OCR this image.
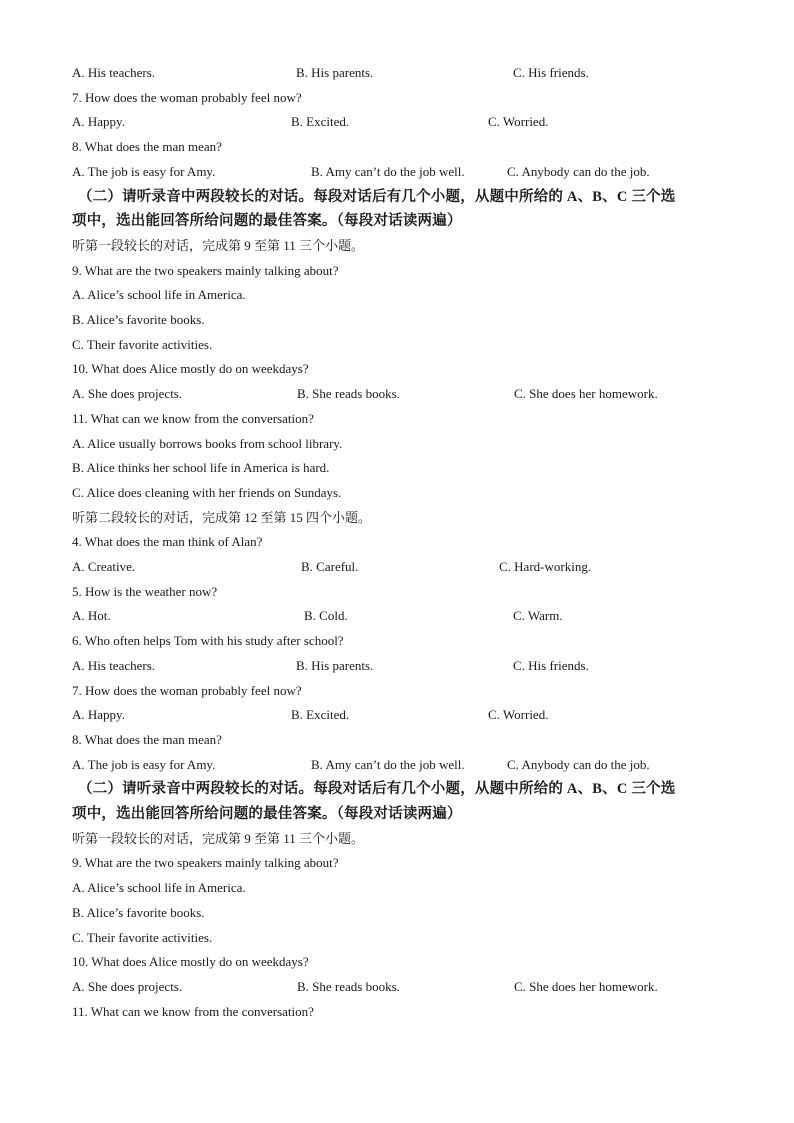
A. His teachers.	B. His parents.	C. His friends.
7. How does the woman probably feel now?
A. Happy.	B. Excited.	C. Worried.
8. What does the man mean?
A. The job is easy for Amy.	B. Amy can’t do the job well.	C. Anybody can do the job.
（二）请听录音中两段较长的对话。每段对话后有几个小题，从题中所给的 A、B、C 三个选
项中，选出能回答所给问题的最佳答案。（每段对话读两遍）
听第一段较长的对话，完成第 9 至第 11 三个小题。
9. What are the two speakers mainly talking about?
A. Alice’s school life in America.
B. Alice’s favorite books.
C. Their favorite activities.
10. What does Alice mostly do on weekdays?
A. She does projects.	B. She reads books.	C. She does her homework.
11. What can we know from the conversation?
A. Alice usually borrows books from school library.
B. Alice thinks her school life in America is hard.
C. Alice does cleaning with her friends on Sundays.
听第二段较长的对话，完成第 12 至第 15 四个小题。
4. What does the man think of Alan?
A. Creative.	B. Careful.	C. Hard-working.
5. How is the weather now?
A. Hot.	B. Cold.	C. Warm.
6. Who often helps Tom with his study after school?
A. His teachers.	B. His parents.	C. His friends.
7. How does the woman probably feel now?
A. Happy.	B. Excited.	C. Worried.
8. What does the man mean?
A. The job is easy for Amy.	B. Amy can’t do the job well.	C. Anybody can do the job.
（二）请听录音中两段较长的对话。每段对话后有几个小题，从题中所给的 A、B、C 三个选
项中，选出能回答所给问题的最佳答案。（每段对话读两遍）
听第一段较长的对话，完成第 9 至第 11 三个小题。
9. What are the two speakers mainly talking about?
A. Alice’s school life in America.
B. Alice’s favorite books.
C. Their favorite activities.
10. What does Alice mostly do on weekdays?
A. She does projects.	B. She reads books.	C. She does her homework.
11. What can we know from the conversation?
